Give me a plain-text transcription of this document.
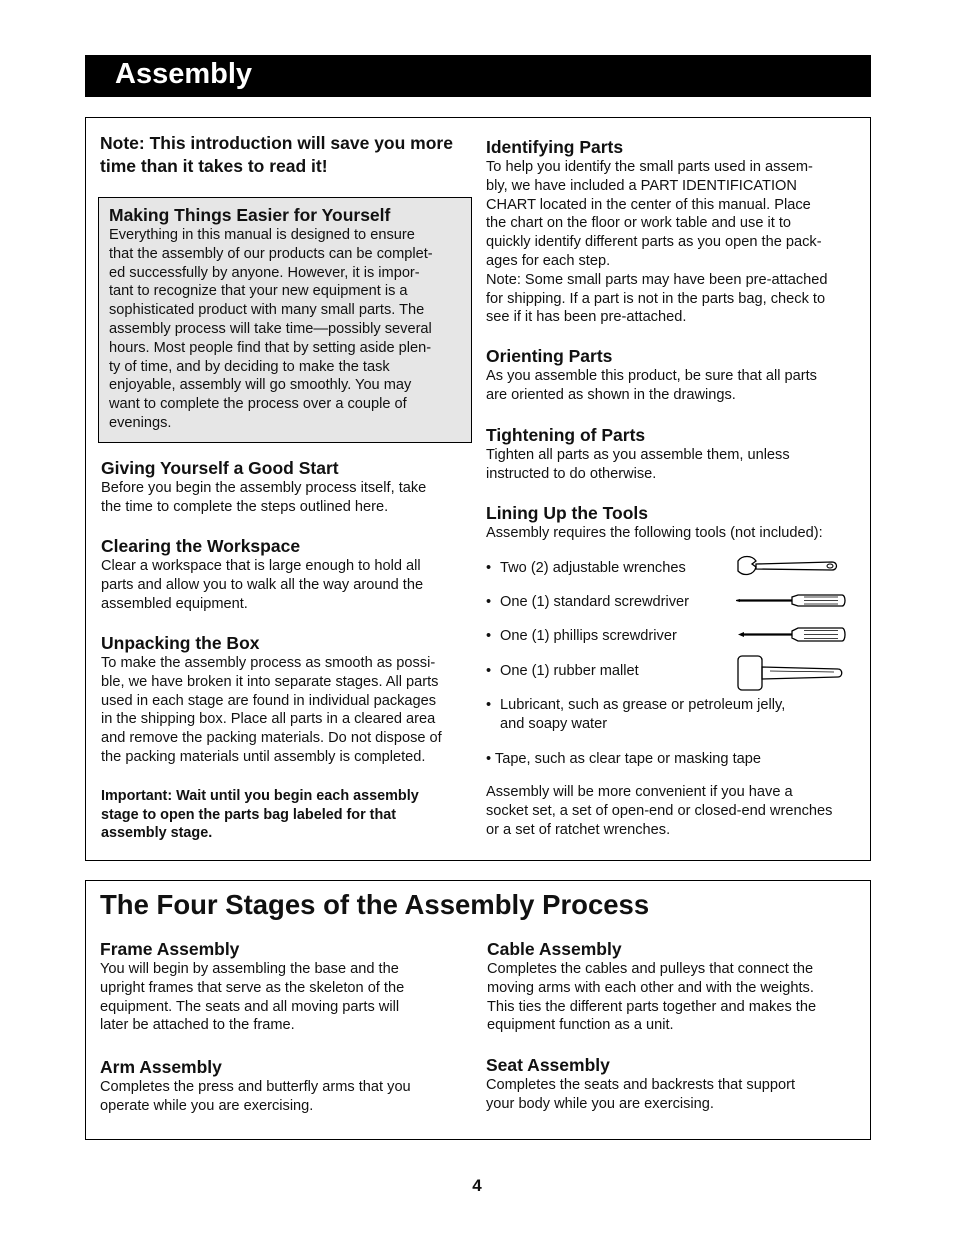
Assembly
Note: This introduction will save you more time than it takes to read it!

Making Things Easier for Yourself

Everything in this manual is designed to ensure
that the assembly of our products can be complet-
ed successfully by anyone. However, it is impor-
tant to recognize that your new equipment is a
sophisticated product with many small parts. The
assembly process will take time—possibly several
hours. Most people find that by setting aside plen-
ty of time, and by deciding to make the task
enjoyable, assembly will go smoothly. You may
want to complete the process over a couple of
evenings.

Giving Yourself a Good Start

Before you begin the assembly process itself, take
the time to complete the steps outlined here.

Clearing the Workspace

Clear a workspace that is large enough to hold all
parts and allow you to walk all the way around the
assembled equipment.

Unpacking the Box

To make the assembly process as smooth as possi-
ble, we have broken it into separate stages. All parts
used in each stage are found in individual packages
in the shipping box. Place all parts in a cleared area
and remove the packing materials. Do not dispose of
the packing materials until assembly is completed.
Important: Wait until you begin each assembly
stage to open the parts bag labeled for that
assembly stage.

Identifying Parts

To help you identify the small parts used in assem-
bly, we have included a PART IDENTIFICATION
CHART located in the center of this manual. Place
the chart on the floor or work table and use it to
quickly identify different parts as you open the pack-
ages for each step.
Note: Some small parts may have been pre-attached
for shipping. If a part is not in the parts bag, check to
see if it has been pre-attached.

Orienting Parts

As you assemble this product, be sure that all parts
are oriented as shown in the drawings.

Tightening of Parts

Tighten all parts as you assemble them, unless
instructed to do otherwise.

Lining Up the Tools

Assembly requires the following tools (not included):
• Two (2) adjustable wrenches
• One (1) standard screwdriver
• One (1) phillips screwdriver
• One (1) rubber mallet
• Lubricant, such as grease or petroleum jelly,
and soapy water
• Tape, such as clear tape or masking tape
Assembly will be more convenient if you have a
socket set, a set of open-end or closed-end wrenches
or a set of ratchet wrenches.
The Four Stages of the Assembly Process

Frame Assembly

You will begin by assembling the base and the
upright frames that serve as the skeleton of the
equipment. The seats and all moving parts will
later be attached to the frame.

Cable Assembly

Completes the cables and pulleys that connect the
moving arms with each other and with the weights.
This ties the different parts together and makes the
equipment function as a unit.

Arm Assembly

Completes the press and butterfly arms that you
operate while you are exercising.

Seat Assembly

Completes the seats and backrests that support
your body while you are exercising.
4
